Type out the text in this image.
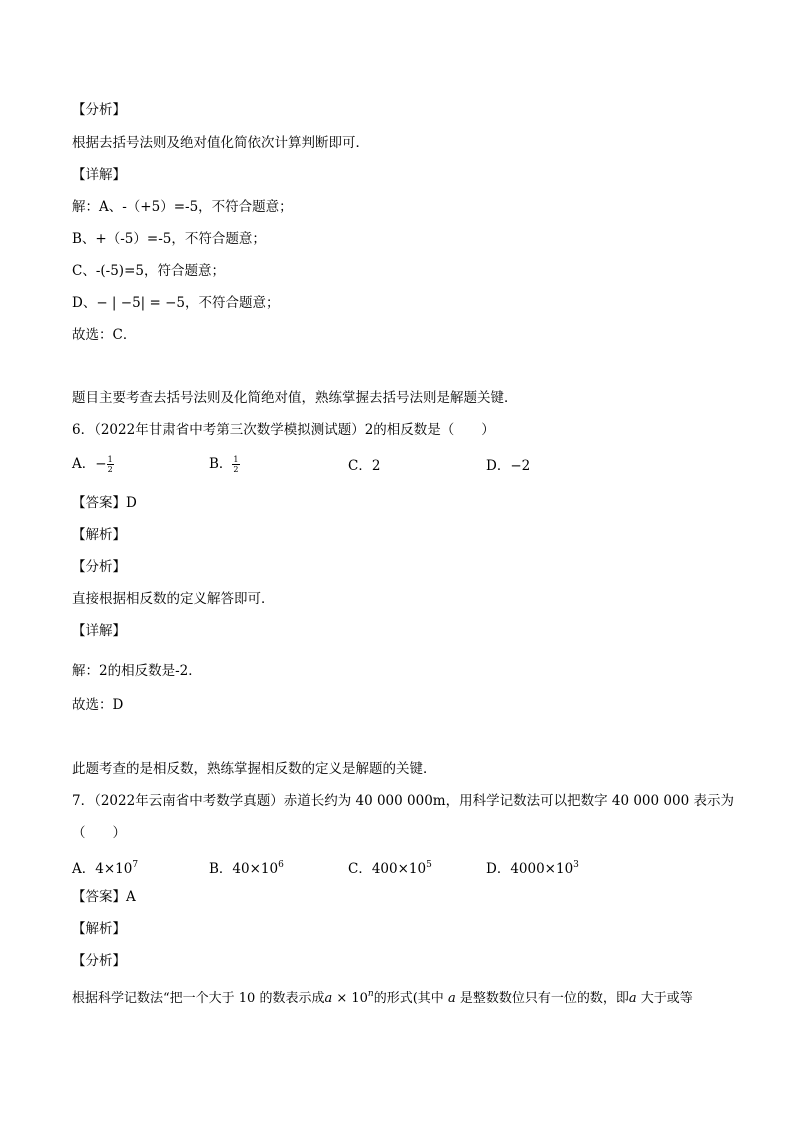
【分析】
根据去括号法则及绝对值化简依次计算判断即可．
【详解】
解：A、-（+5）=-5，不符合题意；
B、+（-5）=-5，不符合题意；
C、-(-5)=5，符合题意；
D、− | −5| = −5，不符合题意；
故选：C．
题目主要考查去括号法则及化简绝对值，熟练掌握去括号法则是解题关键．
6．（2022年甘肃省中考第三次数学模拟测试题）2的相反数是（　　）
A．− $\frac{1}{2}$	B． $\frac{1}{2}$	C．2	D．−2
【答案】D
【解析】
【分析】
直接根据相反数的定义解答即可．
【详解】
解：2的相反数是-2．
故选：D
此题考查的是相反数，熟练掌握相反数的定义是解题的关键．
7．（2022年云南省中考数学真题）赤道长约为 40 000 000m，用科学记数法可以把数字 40 000 000 表示为
（　　）
A．$4\times 10^7$	B．$40\times 10^6$	C．$400\times 10^5$	D．$4000\times 10^3$
【答案】A
【解析】
【分析】
根据科学记数法“把一个大于 10 的数表示成$a \times 10^n$的形式(其中 a 是整数数位只有一位的数，即a 大于或等
